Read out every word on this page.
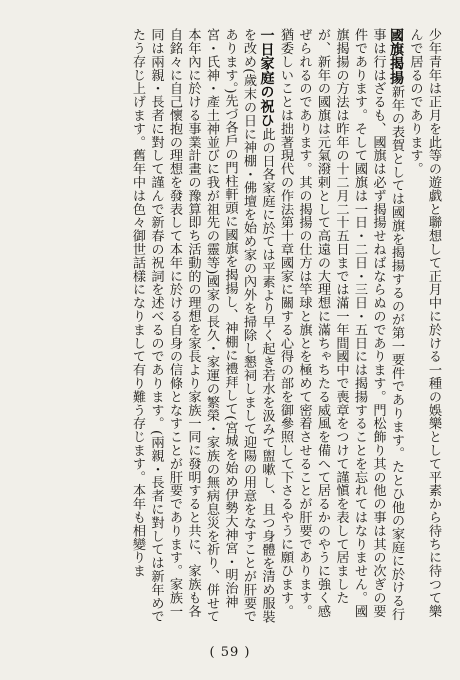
少年青年は正月を此等の遊戯と聯想して正月中に於ける一種の娛樂として平素から待ちに待つて樂んで居るのであります。

國旗揭揚新年の表賀としては國旗を揭揚するのが第一要件であります。たとひ他の家庭に於ける行事は行はざるも、國旗は必ず揭揚せねばならぬのであります。門松飾り其の他の事は其の次ぎの要件であります。そして國旗は一日・二日・三日・五日には揭揚することを忘れてはなりません。國旗揭揚の方法は昨年の十二月二十五日までは滿一年間國中で喪章をつけて謹愼を表して居ましたが、新年の國旗は元氣潑剌として高遠の大理想に滿ちゃちたる威風を備へて居るかのやうに強く感ぜられるのであります。其の揭揚の仕方は竿球と旗とを極めて密着させることが肝要であります。猶委しいことは拙著現代の作法第十章國家に關する心得の部を御參照して下さるやうに願ひます。

一日家庭の祝ひ此の日各家庭に於ては平素より早く起き若水を汲みて盥嗽し、且つ身體を清め服裝を改め(歲末の日に神棚・佛壇を始め家の內外を掃除し懇祠しまして迎陽の用意をなすことが肝要であります。)先づ各戶の門柱軒頭に國旗を揭揚し、神棚に禮拜して(宮城を始め伊勢大神宮・明治神宮・氏神・產土神並びに我が祖先の靈等)國家の長久・家運の繁榮・家族の無病息災を祈り、併せて本年內に於ける事業計畫の豫算即ち活動的の理想を家長より家族一同に發明すると共に、家族も各自銘々に自己懷抱の理想を發表して本年に於ける自身の信條となすことが肝要であります。家族一同は兩親・長者に對して謹んで新春の祝詞を述べるのであります。(兩親・長者に對しては新年めでたう存じ上げます。舊年中は色々御世話樣になりまして有り難う存じます。本年も相變りま

( 59 )
